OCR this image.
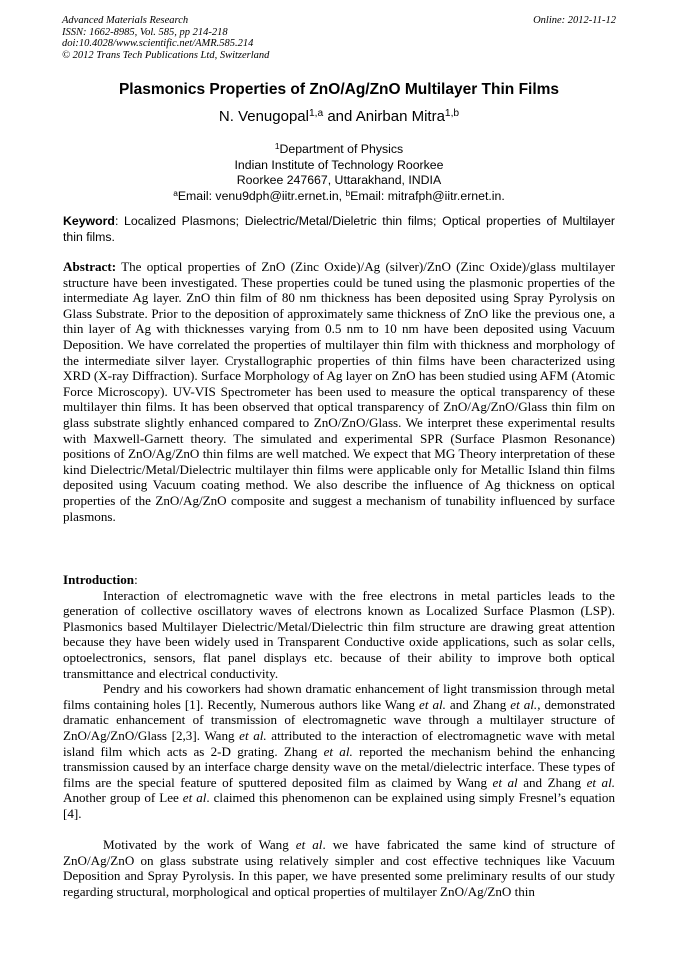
Advanced Materials Research
ISSN: 1662-8985, Vol. 585, pp 214-218
doi:10.4028/www.scientific.net/AMR.585.214
© 2012 Trans Tech Publications Ltd, Switzerland
Online: 2012-11-12
Plasmonics Properties of ZnO/Ag/ZnO Multilayer Thin Films
N. Venugopal$^{1,a}$ and Anirban Mitra$^{1,b}$
$^1$Department of Physics
Indian Institute of Technology Roorkee
Roorkee 247667, Uttarakhand, INDIA
$^a$Email: venu9dph@iitr.ernet.in, $^b$Email: mitrafph@iitr.ernet.in.
Keyword: Localized Plasmons; Dielectric/Metal/Dieletric thin films; Optical properties of Multilayer thin films.
Abstract: The optical properties of ZnO (Zinc Oxide)/Ag (silver)/ZnO (Zinc Oxide)/glass multilayer structure have been investigated. These properties could be tuned using the plasmonic properties of the intermediate Ag layer. ZnO thin film of 80 nm thickness has been deposited using Spray Pyrolysis on Glass Substrate. Prior to the deposition of approximately same thickness of ZnO like the previous one, a thin layer of Ag with thicknesses varying from 0.5 nm to 10 nm have been deposited using Vacuum Deposition. We have correlated the properties of multilayer thin film with thickness and morphology of the intermediate silver layer. Crystallographic properties of thin films have been characterized using XRD (X-ray Diffraction). Surface Morphology of Ag layer on ZnO has been studied using AFM (Atomic Force Microscopy). UV-VIS Spectrometer has been used to measure the optical transparency of these multilayer thin films. It has been observed that optical transparency of ZnO/Ag/ZnO/Glass thin film on glass substrate slightly enhanced compared to ZnO/ZnO/Glass. We interpret these experimental results with Maxwell-Garnett theory. The simulated and experimental SPR (Surface Plasmon Resonance) positions of ZnO/Ag/ZnO thin films are well matched. We expect that MG Theory interpretation of these kind Dielectric/Metal/Dielectric multilayer thin films were applicable only for Metallic Island thin films deposited using Vacuum coating method. We also describe the influence of Ag thickness on optical properties of the ZnO/Ag/ZnO composite and suggest a mechanism of tunability influenced by surface plasmons.
Introduction:

Interaction of electromagnetic wave with the free electrons in metal particles leads to the generation of collective oscillatory waves of electrons known as Localized Surface Plasmon (LSP). Plasmonics based Multilayer Dielectric/Metal/Dielectric thin film structure are drawing great attention because they have been widely used in Transparent Conductive oxide applications, such as solar cells, optoelectronics, sensors, flat panel displays etc. because of their ability to improve both optical transmittance and electrical conductivity.

Pendry and his coworkers had shown dramatic enhancement of light transmission through metal films containing holes [1]. Recently, Numerous authors like Wang et al. and Zhang et al., demonstrated dramatic enhancement of transmission of electromagnetic wave through a multilayer structure of ZnO/Ag/ZnO/Glass [2,3]. Wang et al. attributed to the interaction of electromagnetic wave with metal island film which acts as 2-D grating. Zhang et al. reported the mechanism behind the enhancing transmission caused by an interface charge density wave on the metal/dielectric interface. These types of films are the special feature of sputtered deposited film as claimed by Wang et al and Zhang et al. Another group of Lee et al. claimed this phenomenon can be explained using simply Fresnel’s equation [4].

Motivated by the work of Wang et al. we have fabricated the same kind of structure of ZnO/Ag/ZnO on glass substrate using relatively simpler and cost effective techniques like Vacuum Deposition and Spray Pyrolysis. In this paper, we have presented some preliminary results of our study regarding structural, morphological and optical properties of multilayer ZnO/Ag/ZnO thin
